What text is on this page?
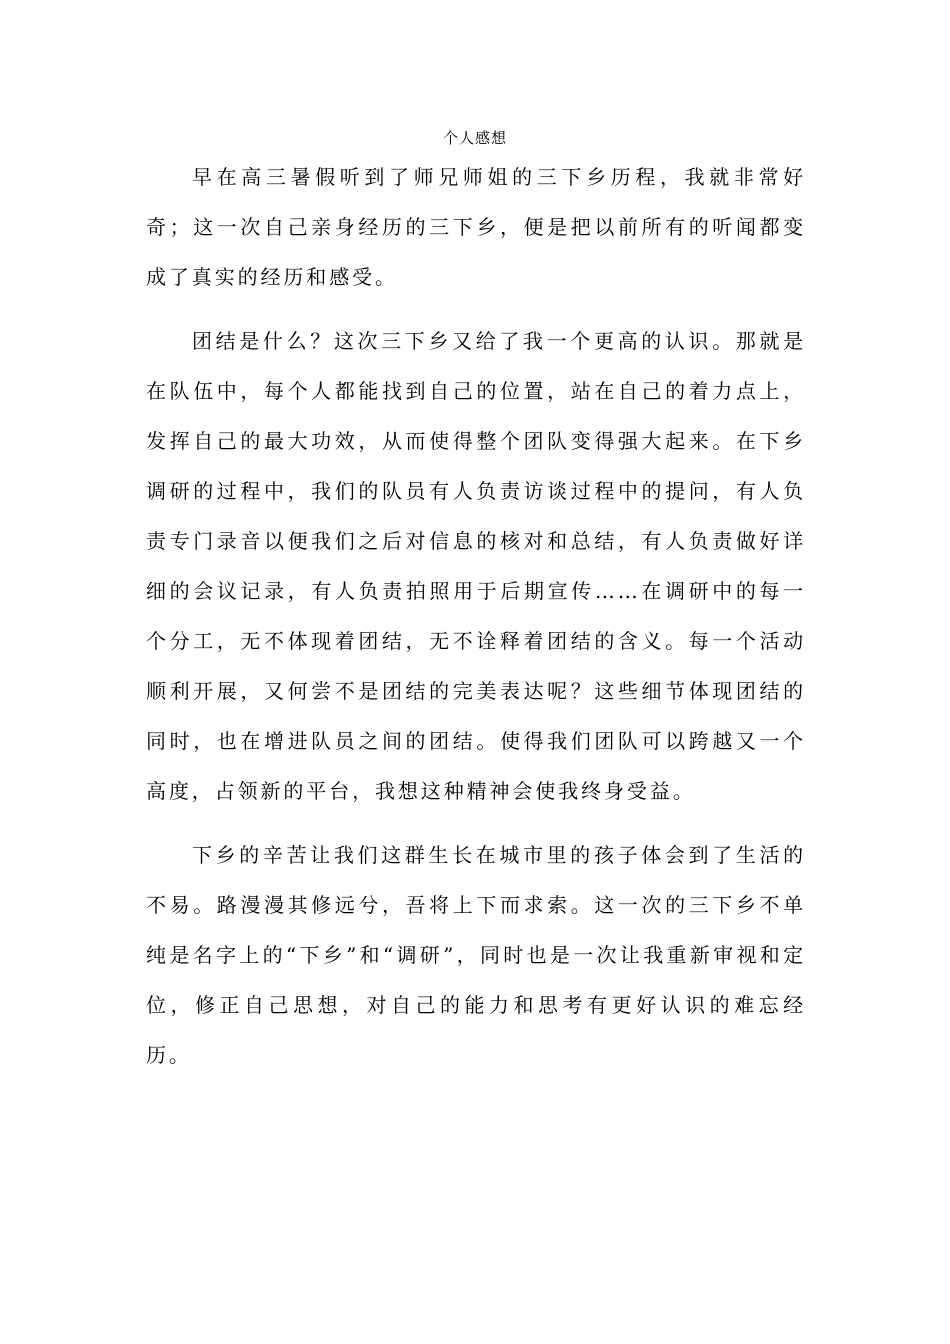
个人感想

早在高三暑假听到了师兄师姐的三下乡历程，我就非常好奇；这一次自己亲身经历的三下乡，便是把以前所有的听闻都变成了真实的经历和感受。

团结是什么？这次三下乡又给了我一个更高的认识。那就是在队伍中，每个人都能找到自己的位置，站在自己的着力点上，发挥自己的最大功效，从而使得整个团队变得强大起来。在下乡调研的过程中，我们的队员有人负责访谈过程中的提问，有人负责专门录音以便我们之后对信息的核对和总结，有人负责做好详细的会议记录，有人负责拍照用于后期宣传……在调研中的每一个分工，无不体现着团结，无不诠释着团结的含义。每一个活动顺利开展，又何尝不是团结的完美表达呢？这些细节体现团结的同时，也在增进队员之间的团结。使得我们团队可以跨越又一个高度，占领新的平台，我想这种精神会使我终身受益。

下乡的辛苦让我们这群生长在城市里的孩子体会到了生活的不易。路漫漫其修远兮，吾将上下而求索。这一次的三下乡不单纯是名字上的“下乡”和“调研”，同时也是一次让我重新审视和定位，修正自己思想，对自己的能力和思考有更好认识的难忘经历。
